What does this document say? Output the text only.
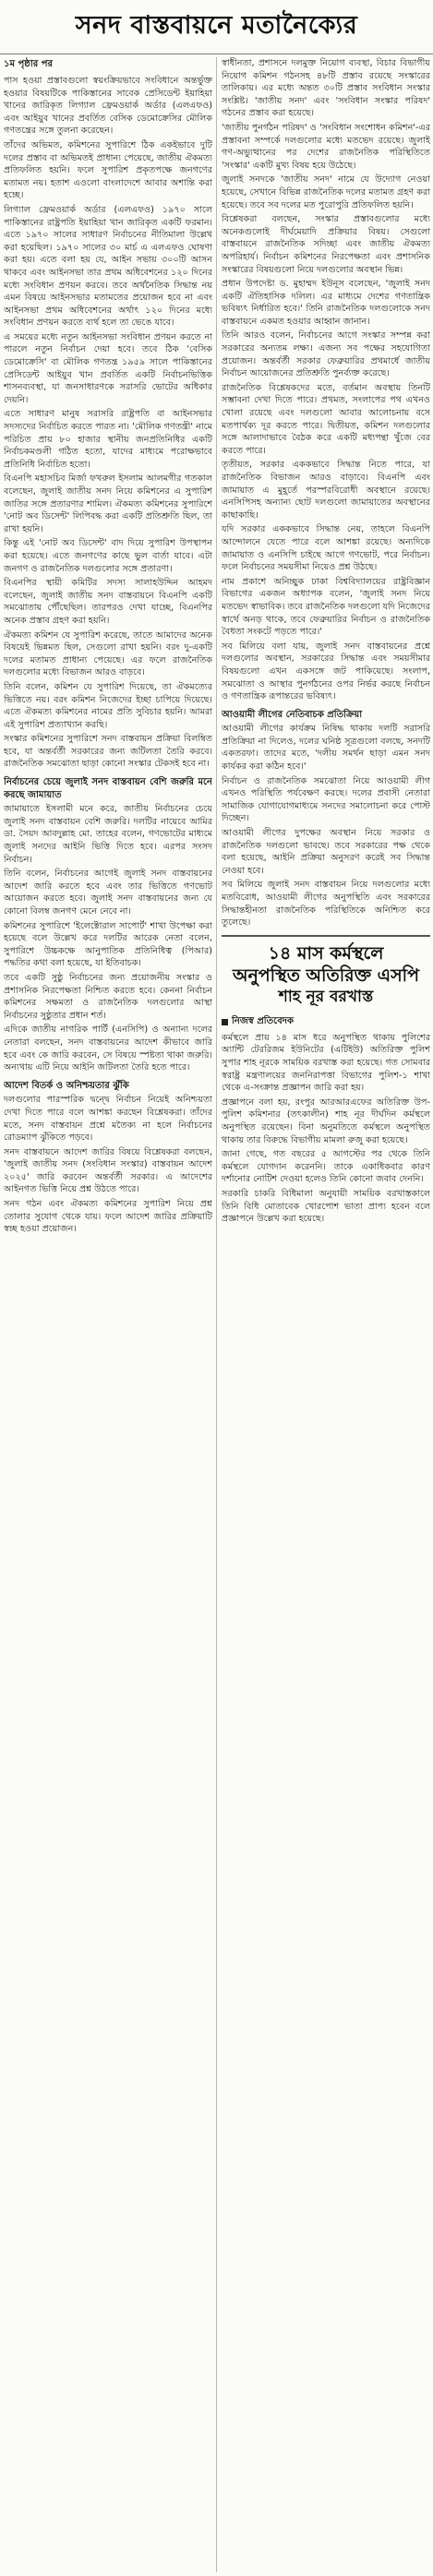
সনদ বাস্তবায়নে মতানৈক্যের
১ম পৃষ্ঠার পর

পাস হওয়া প্রস্তাবগুলো স্বয়ংক্রিয়ভাবে সংবিধানে অন্তর্ভুক্ত হওয়ার বিষয়টিকে পাকিস্তানের সাবেক প্রেসিডেন্ট ইয়াহিয়া খানের জারিকৃত লিগ্যাল ফ্রেমওয়ার্ক অর্ডার (এলএফও) এবং আইয়ুব খানের প্রবর্তিত বেসিক ডেমোক্রেসির মৌলিক গণতন্ত্রের সঙ্গে তুলনা করেছেন।

তাঁদের অভিমত, কমিশনের সুপারিশে ঠিক একইভাবে দুটি দলের প্রস্তাব বা অভিমতই প্রাধান্য পেয়েছে, জাতীয় ঐকমত্য প্রতিফলিত হয়নি। ফলে সুপারিশ প্রকৃতপক্ষে জনগণের মতামত নয়। হতাশ এওলো বাংলাদেশে আবার অশান্তি করা হচ্ছে।

লিগ্যাল ফ্রেমওয়ার্ক অর্ডার (এলএফও) ১৯৭০ সালে পাকিস্তানের রাষ্ট্রপতি ইয়াহিয়া খান জারিকৃত একটি ফরমান। এতে ১৯৭০ সালের সাধারণ নির্বাচনের নীতিমালা উল্লেখ করা হয়েছিল। ১৯৭০ সালের ৩০ মার্চ এ এলএফও ঘোষণা করা হয়। এতে বলা হয় যে, আইন সভায় ৩০০টি আসন থাকবে এবং আইনসভা তার প্রথম অধিবেশনের ১২০ দিনের মধ্যে সংবিধান প্রণয়ন করবে। তবে অর্থনৈতিক সিদ্ধান্ত নয় এমন বিষয়ে আইনসভার মতামতের প্রয়োজন হবে না এবং আইনসভা প্রথম অধিবেশনের অর্থাৎ ১২০ দিনের মধ্যে সংবিধান প্রণয়ন করতে ব্যর্থ হলে তা ভেঙে যাবে।

এ সময়ের মধ্যে নতুন আইনসভা সংবিধান প্রণয়ন করতে না পারলে নতুন নির্বাচন দেয়া হবে। তবে ঠিক 'বেসিক ডেমোক্রেসি' বা মৌলিক গণতন্ত্র ১৯৫৯ সালে পাকিস্তানের প্রেসিডেন্ট আইয়ুব খান প্রবর্তিত একটি নির্বাচনভিত্তিক শাসনব্যবস্থা, যা জনসাধারণকে সরাসরি ভোটের অধিকার দেয়নি।

এতে সাধারণ মানুষ সরাসরি রাষ্ট্রপতি বা আইনসভার সদস্যদের নির্বাচিত করতে পারত না। 'মৌলিক গণতন্ত্রী' নামে পরিচিত প্রায় ৮০ হাজার স্থানীয় জনপ্রতিনিধির একটি নির্বাচকমণ্ডলী গঠিত হতো, যাদের মাধ্যমে পরোক্ষভাবে প্রতিনিধি নির্বাচিত হতো।

বিএনপি মহাসচিব মির্জা ফখরুল ইসলাম আলমগীর গতকাল বলেছেন, জুলাই জাতীয় সনদ নিয়ে কমিশনের এ সুপারিশ জাতির সঙ্গে প্রতারণার শামিল। ঐকমত্য কমিশনের সুপারিশে 'নোট অব ডিসেন্ট' লিপিবদ্ধ করা একটি প্রতিশ্রুতি ছিল, তা রাখা হয়নি।

কিন্তু এই 'নোট অব ডিসেন্ট' বাদ দিয়ে সুপারিশ উপস্থাপন করা হয়েছে। এতে জনগণের কাছে ভুল বার্তা যাবে। এটা জনগণ ও রাজনৈতিক দলগুলোর সঙ্গে প্রতারণা।

বিএনপির স্থায়ী কমিটির সদস্য সালাহউদ্দিন আহমদ বলেছেন, জুলাই জাতীয় সনদ বাস্তবায়নে বিএনপি একটি সমঝোতায় পৌঁছেছিল। তারপরও দেখা যাচ্ছে, বিএনপির অনেক প্রস্তাব গ্রহণ করা হয়নি।

ঐকমত্য কমিশন যে সুপারিশ করেছে, তাতে আমাদের অনেক বিষয়েই ভিন্নমত ছিল, সেগুলো রাখা হয়নি। বরং দু-একটি দলের মতামত প্রাধান্য পেয়েছে। এর ফলে রাজনৈতিক দলগুলোর মধ্যে বিভাজন আরও বাড়বে।

তিনি বলেন, কমিশন যে সুপারিশ দিয়েছে, তা ঐকমত্যের ভিত্তিতে নয়। বরং কমিশন নিজেদের ইচ্ছা চাপিয়ে দিয়েছে। এতে ঐকমত্য কমিশনের নামের প্রতি সুবিচার হয়নি। আমরা এই সুপারিশ প্রত্যাখ্যান করছি।

সংস্কার কমিশনের সুপারিশে সনদ বাস্তবায়ন প্রক্রিয়া বিলম্বিত হবে, যা অন্তর্বর্তী সরকারের জন্য জটিলতা তৈরি করবে। রাজনৈতিক সমঝোতা ছাড়া কোনো সংস্কার টেকসই হবে না।

নির্বাচনের চেয়ে জুলাই সনদ বাস্তবায়ন বেশি জরুরি মনে করছে জামায়াত

জামায়াতে ইসলামী মনে করে, জাতীয় নির্বাচনের চেয়ে জুলাই সনদ বাস্তবায়ন বেশি জরুরি। দলটির নায়েবে আমির ডা. সৈয়দ আবদুল্লাহ মো. তাহের বলেন, গণভোটের মাধ্যমে জুলাই সনদের আইনি ভিত্তি দিতে হবে। এরপর সংসদ নির্বাচন।

তিনি বলেন, নির্বাচনের আগেই জুলাই সনদ বাস্তবায়নের আদেশ জারি করতে হবে এবং তার ভিত্তিতে গণভোট আয়োজন করতে হবে। জুলাই সনদ বাস্তবায়নের জন্য যে কোনো বিলম্ব জনগণ মেনে নেবে না।

কমিশনের সুপারিশে 'ইলেক্টোরাল সাপোর্ট' শাখা উপেক্ষা করা হয়েছে বলে উল্লেখ করে দলটির আরেক নেতা বলেন, সুপারিশে উচ্চকক্ষে আনুপাতিক প্রতিনিধিত্ব (পিআর) পদ্ধতির কথা বলা হয়েছে, যা ইতিবাচক।

তবে একটি সুষ্ঠু নির্বাচনের জন্য প্রয়োজনীয় সংস্কার ও প্রশাসনিক নিরপেক্ষতা নিশ্চিত করতে হবে। কেননা নির্বাচন কমিশনের সক্ষমতা ও রাজনৈতিক দলগুলোর আস্থা নির্বাচনের সুষ্ঠুতার প্রধান শর্ত।

এদিকে জাতীয় নাগরিক পার্টি (এনসিপি) ও অন্যান্য দলের নেতারা বলছেন, সনদ বাস্তবায়নের আদেশ কীভাবে জারি হবে এবং কে জারি করবেন, সে বিষয়ে স্পষ্টতা থাকা জরুরি। অন্যথায় এটি নিয়ে আইনি জটিলতা তৈরি হতে পারে।

আদেশ বিতর্ক ও অনিশ্চয়তার ঝুঁকি

দলগুলোর পারস্পরিক দ্বন্দ্বে নির্বাচন নিয়েই অনিশ্চয়তা দেখা দিতে পারে বলে আশঙ্কা করছেন বিশ্লেষকরা। তাঁদের মতে, সনদ বাস্তবায়ন প্রশ্নে মতৈক্য না হলে নির্বাচনের রোডম্যাপ ঝুঁকিতে পড়বে।

সনদ বাস্তবায়নে আদেশ জারির বিষয়ে বিশ্লেষকরা বলছেন, 'জুলাই জাতীয় সনদ (সংবিধান সংস্কার) বাস্তবায়ন আদেশ ২০২৫' জারি করবেন অন্তর্বর্তী সরকার। এ আদেশের আইনগত ভিত্তি নিয়ে প্রশ্ন উঠতে পারে।

সনদ গঠন এবং ঐকমত্য কমিশনের সুপারিশ নিয়ে প্রশ্ন তোলার সুযোগ থেকে যায়। ফলে আদেশ জারির প্রক্রিয়াটি স্বচ্ছ হওয়া প্রয়োজন।

স্বাধীনতা, প্রশাসনে দলমুক্ত নিয়োগ ব্যবস্থা, বিচার বিভাগীয় নিয়োগ কমিশন গঠনসহ ৪৮টি প্রস্তাব রয়েছে সংস্কারের তালিকায়। এর মধ্যে অন্তত ৩০টি প্রস্তাব সংবিধান সংস্কার সংশ্লিষ্ট। 'জাতীয় সনদ' এবং 'সংবিধান সংস্কার পরিষদ' গঠনের প্রস্তাব করা হয়েছে।

'জাতীয় পুনর্গঠন পরিষদ' ও 'সংবিধান সংশোধন কমিশন'-এর প্রস্তাবনা সম্পর্কে দলগুলোর মধ্যে মতভেদ রয়েছে। জুলাই গণ-অভ্যুত্থানের পর দেশের রাজনৈতিক পরিস্থিতিতে 'সংস্কার' একটি মুখ্য বিষয় হয়ে উঠেছে।

জুলাই সনদকে 'জাতীয় সনদ' নামে যে উদ্যোগ নেওয়া হয়েছে, সেখানে বিভিন্ন রাজনৈতিক দলের মতামত গ্রহণ করা হয়েছে। তবে সব দলের মত পুরোপুরি প্রতিফলিত হয়নি।

বিশ্লেষকরা বলছেন, সংস্কার প্রস্তাবগুলোর মধ্যে অনেকগুলোই দীর্ঘমেয়াদি প্রক্রিয়ার বিষয়। সেগুলো বাস্তবায়নে রাজনৈতিক সদিচ্ছা এবং জাতীয় ঐকমত্য অপরিহার্য। নির্বাচন কমিশনের নিরপেক্ষতা এবং প্রশাসনিক সংস্কারের বিষয়গুলো নিয়ে দলগুলোর অবস্থান ভিন্ন।

প্রধান উপদেষ্টা ড. মুহাম্মদ ইউনূস বলেছেন, 'জুলাই সনদ একটি ঐতিহাসিক দলিল। এর মাধ্যমে দেশের গণতান্ত্রিক ভবিষ্যৎ নির্ধারিত হবে।' তিনি রাজনৈতিক দলগুলোকে সনদ বাস্তবায়নে একমত হওয়ার আহ্বান জানান।

তিনি আরও বলেন, নির্বাচনের আগে সংস্কার সম্পন্ন করা সরকারের অন্যতম লক্ষ্য। এজন্য সব পক্ষের সহযোগিতা প্রয়োজন। অন্তর্বর্তী সরকার ফেব্রুয়ারির প্রথমার্ধে জাতীয় নির্বাচন আয়োজনের প্রতিশ্রুতি পুনর্ব্যক্ত করেছে।

রাজনৈতিক বিশ্লেষকদের মতে, বর্তমান অবস্থায় তিনটি সম্ভাবনা দেখা দিতে পারে। প্রথমত, সংলাপের পথ এখনও খোলা রয়েছে এবং দলগুলো আবার আলোচনায় বসে মতপার্থক্য দূর করতে পারে। দ্বিতীয়ত, কমিশন দলগুলোর সঙ্গে আলাদাভাবে বৈঠক করে একটি মধ্যপন্থা খুঁজে বের করতে পারে।

তৃতীয়ত, সরকার এককভাবে সিদ্ধান্ত নিতে পারে, যা রাজনৈতিক বিভাজন আরও বাড়াবে। বিএনপি এবং জামায়াত এ মুহূর্তে পরস্পরবিরোধী অবস্থানে রয়েছে। এনসিপিসহ অন্যান্য ছোট দলগুলো জামায়াতের অবস্থানের কাছাকাছি।

যদি সরকার এককভাবে সিদ্ধান্ত নেয়, তাহলে বিএনপি আন্দোলনে যেতে পারে বলে আশঙ্কা রয়েছে। অন্যদিকে জামায়াত ও এনসিপি চাইছে আগে গণভোট, পরে নির্বাচন। ফলে নির্বাচনের সময়সীমা নিয়েও প্রশ্ন উঠছে।

নাম প্রকাশে অনিচ্ছুক ঢাকা বিশ্ববিদ্যালয়ের রাষ্ট্রবিজ্ঞান বিভাগের একজন অধ্যাপক বলেন, 'জুলাই সনদ নিয়ে মতভেদ স্বাভাবিক। তবে রাজনৈতিক দলগুলো যদি নিজেদের স্বার্থে অনড় থাকে, তবে ফেব্রুয়ারির নির্বাচন ও রাজনৈতিক বৈধতা সংকটে পড়তে পারে।'

সব মিলিয়ে বলা যায়, জুলাই সনদ বাস্তবায়নের প্রশ্নে দলগুলোর অবস্থান, সরকারের সিদ্ধান্ত এবং সময়সীমার বিষয়গুলো এখন একসঙ্গে জট পাকিয়েছে। সংলাপ, সমঝোতা ও আস্থার পুনর্গঠনের ওপর নির্ভর করছে নির্বাচন ও গণতান্ত্রিক রূপান্তরের ভবিষ্যৎ।

আওয়ামী লীগের নেতিবাচক প্রতিক্রিয়া

আওয়ামী লীগের কার্যক্রম নিষিদ্ধ থাকায় দলটি সরাসরি প্রতিক্রিয়া না দিলেও, দলের ঘনিষ্ঠ সূত্রগুলো বলছে, সনদটি একতরফা। তাদের মতে, 'দলীয় সমর্থন ছাড়া এমন সনদ কার্যকর করা কঠিন হবে।'

নির্বাচন ও রাজনৈতিক সমঝোতা নিয়ে আওয়ামী লীগ এখনও পরিস্থিতি পর্যবেক্ষণ করছে। দলের প্রবাসী নেতারা সামাজিক যোগাযোগমাধ্যমে সনদের সমালোচনা করে পোস্ট দিচ্ছেন।

আওয়ামী লীগের দুপক্ষের অবস্থান নিয়ে সরকার ও রাজনৈতিক দলগুলো ভাবছে। তবে সরকারের পক্ষ থেকে বলা হয়েছে, আইনি প্রক্রিয়া অনুসরণ করেই সব সিদ্ধান্ত নেওয়া হবে।

সব মিলিয়ে জুলাই সনদ বাস্তবায়ন নিয়ে দলগুলোর মধ্যে মতবিরোধ, আওয়ামী লীগের অনুপস্থিতি এবং সরকারের সিদ্ধান্তহীনতা রাজনৈতিক পরিস্থিতিকে অনিশ্চিত করে তুলেছে।

১৪ মাস কর্মস্থলে
অনুপস্থিত অতিরিক্ত এসপি
শাহ নূর বরখাস্ত
নিজস্ব প্রতিবেদক

কর্মস্থলে প্রায় ১৪ মাস ধরে অনুপস্থিত থাকায় পুলিশের অ্যান্টি টেররিজম ইউনিটের (এটিইউ) অতিরিক্ত পুলিশ সুপার শাহ নূরকে সাময়িক বরখাস্ত করা হয়েছে। গত সোমবার স্বরাষ্ট্র মন্ত্রণালয়ের জননিরাপত্তা বিভাগের পুলিশ-১ শাখা থেকে এ-সংক্রান্ত প্রজ্ঞাপন জারি করা হয়।

প্রজ্ঞাপনে বলা হয়, রংপুর আরআরএফের অতিরিক্ত উপ-পুলিশ কমিশনার (তৎকালীন) শাহ নূর দীর্ঘদিন কর্মস্থলে অনুপস্থিত রয়েছেন। বিনা অনুমতিতে কর্মস্থলে অনুপস্থিত থাকায় তার বিরুদ্ধে বিভাগীয় মামলা রুজু করা হয়েছে।

জানা গেছে, গত বছরের ৫ আগস্টের পর থেকে তিনি কর্মস্থলে যোগদান করেননি। তাকে একাধিকবার কারণ দর্শানোর নোটিশ দেওয়া হলেও তিনি কোনো জবাব দেননি।

সরকারি চাকরি বিধিমালা অনুযায়ী সাময়িক বরখাস্তকালে তিনি বিধি মোতাবেক খোরপোশ ভাতা প্রাপ্য হবেন বলে প্রজ্ঞাপনে উল্লেখ করা হয়েছে।
